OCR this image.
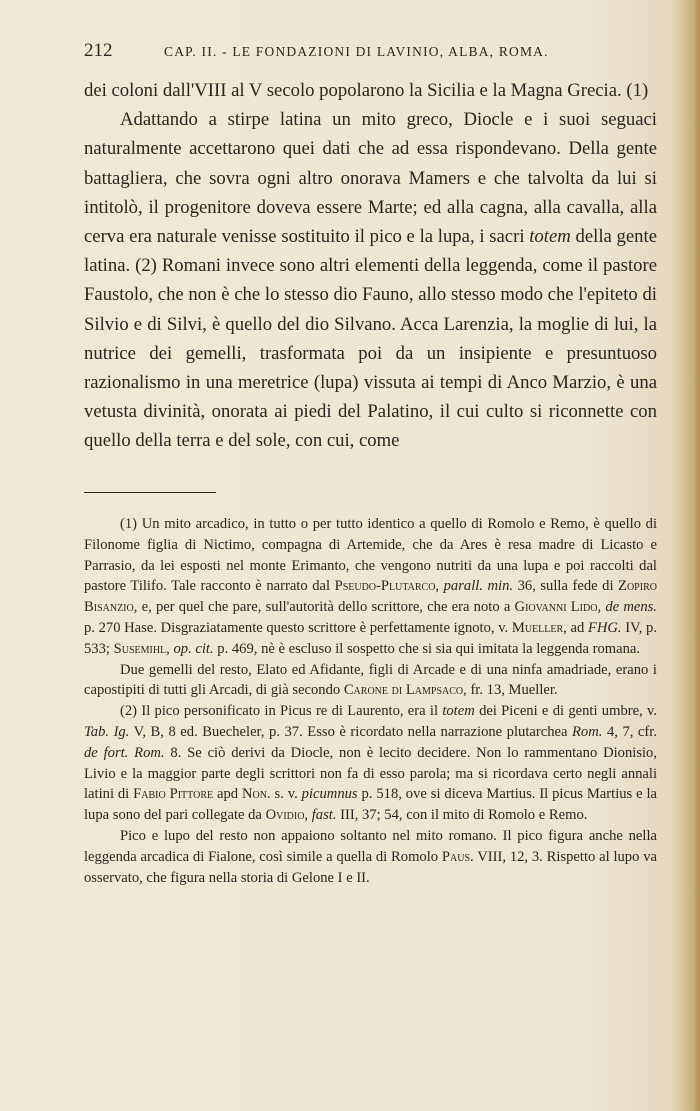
212	CAP. II. - LE FONDAZIONI DI LAVINIO, ALBA, ROMA.

dei coloni dall'VIII al V secolo popolarono la Sicilia e la Magna Grecia. (1)

Adattando a stirpe latina un mito greco, Diocle e i suoi seguaci naturalmente accettarono quei dati che ad essa rispondevano. Della gente battagliera, che sovra ogni altro onorava Mamers e che talvolta da lui si intitolò, il progenitore doveva essere Marte; ed alla cagna, alla cavalla, alla cerva era naturale venisse sostituito il pico e la lupa, i sacri totem della gente latina. (2) Romani invece sono altri elementi della leggenda, come il pastore Faustolo, che non è che lo stesso dio Fauno, allo stesso modo che l'epiteto di Silvio e di Silvi, è quello del dio Silvano. Acca Larenzia, la moglie di lui, la nutrice dei gemelli, trasformata poi da un insipiente e presuntuoso razionalismo in una meretrice (lupa) vissuta ai tempi di Anco Marzio, è una vetusta divinità, onorata ai piedi del Palatino, il cui culto si riconnette con quello della terra e del sole, con cui, come

(1) Un mito arcadico, in tutto o per tutto identico a quello di Romolo e Remo, è quello di Filonome figlia di Nictimo, compagna di Artemide, che da Ares è resa madre di Licasto e Parrasio, da lei esposti nel monte Erimanto, che vengono nutriti da una lupa e poi raccolti dal pastore Tilifo. Tale racconto è narrato dal Pseudo-Plutarco, parall. min. 36, sulla fede di Zopiro Bisanzio, e, per quel che pare, sull'autorità dello scrittore, che era noto a Giovanni Lido, de mens. p. 270 Hase. Disgraziatamente questo scrittore è perfettamente ignoto, v. Mueller, ad FHG. IV, p. 533; Susemihl, op. cit. p. 469, nè è escluso il sospetto che si sia qui imitata la leggenda romana.

Due gemelli del resto, Elato ed Afidante, figli di Arcade e di una ninfa amadriade, erano i capostipiti di tutti gli Arcadi, di già secondo Carone di Lampsaco, fr. 13, Mueller.

(2) Il pico personificato in Picus re di Laurento, era il totem dei Piceni e di genti umbre, v. Tab. Ig. V, B, 8 ed. Buecheler, p. 37. Esso è ricordato nella narrazione plutarchea Rom. 4, 7, cfr. de fort. Rom. 8. Se ciò derivi da Diocle, non è lecito decidere. Non lo rammentano Dionisio, Livio e la maggior parte degli scrittori non fa di esso parola; ma si ricordava certo negli annali latini di Fabio Pittore apd Non. s. v. picumnus p. 518, ove si diceva Martius. Il picus Martius e la lupa sono del pari collegate da Ovidio, fast. III, 37; 54, con il mito di Romolo e Remo.

Pico e lupo del resto non appaiono soltanto nel mito romano. Il pico figura anche nella leggenda arcadica di Fialone, così simile a quella di Romolo Paus. VIII, 12, 3. Rispetto al lupo va osservato, che figura nella storia di Gelone I e II.
